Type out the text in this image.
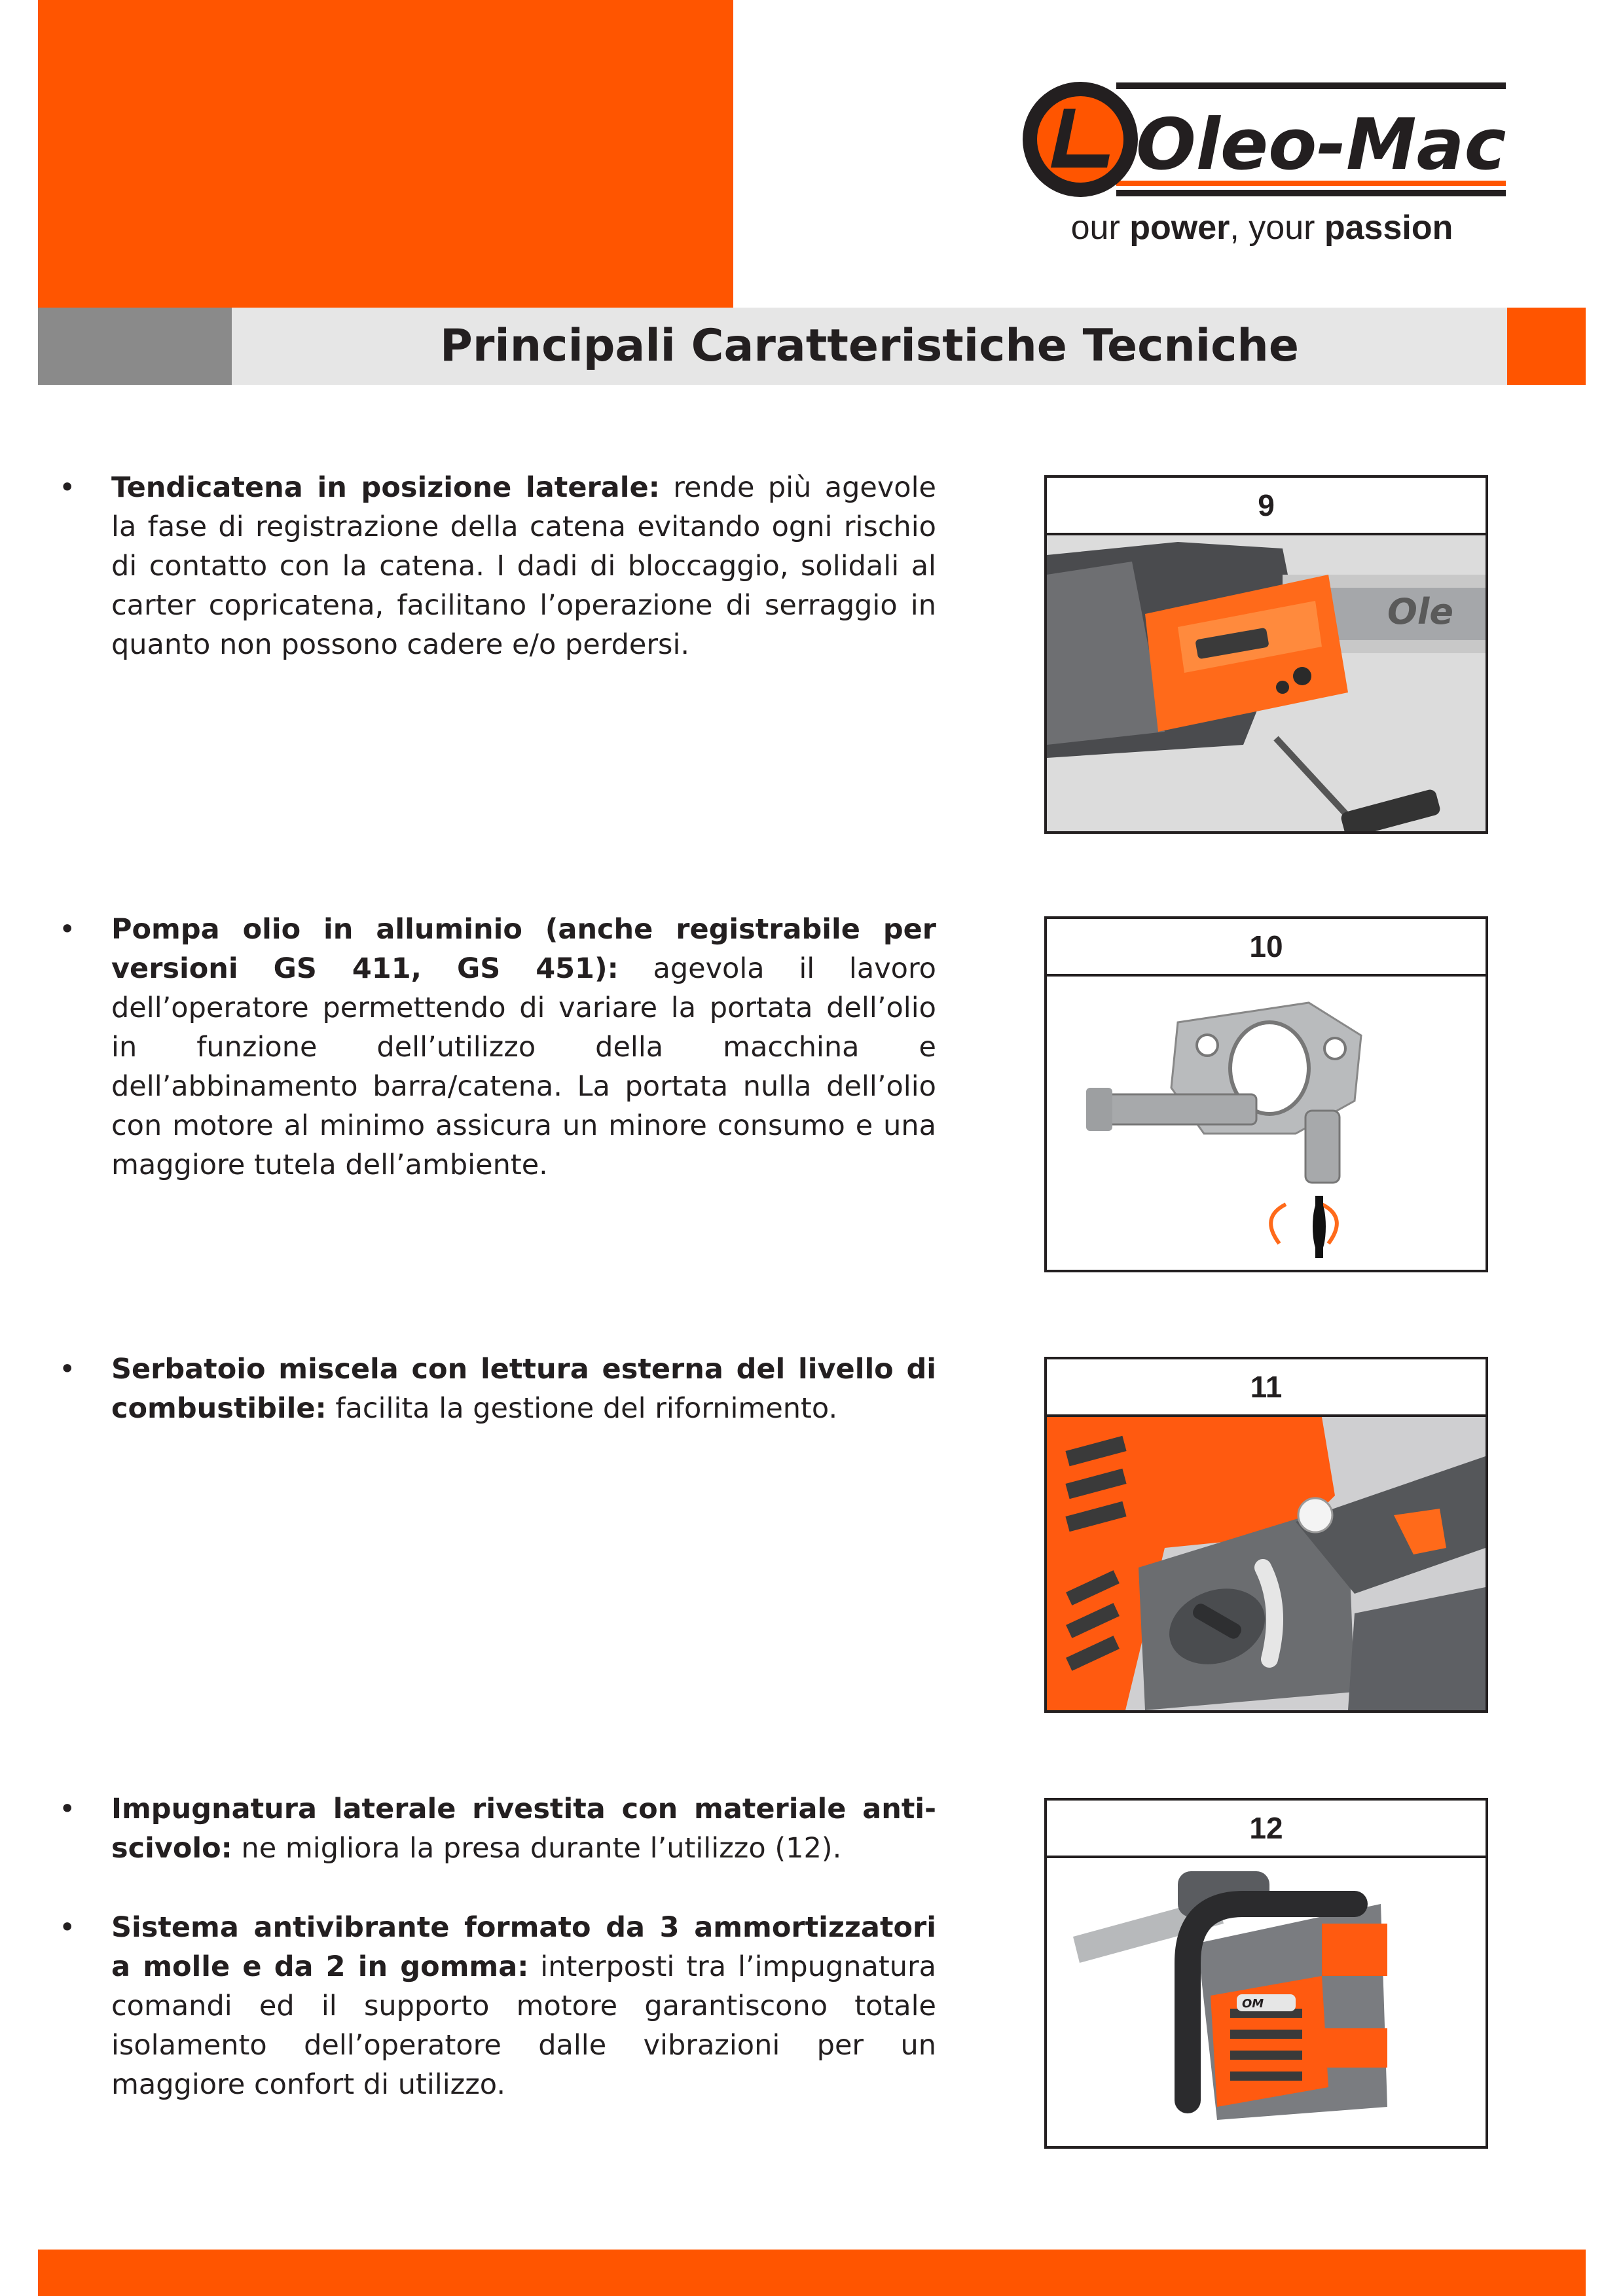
Oleo-Mac
our power, your passion
Principali Caratteristiche Tecniche
•	Tendicatena in posizione laterale: rende più agevole la fase di registrazione della catena evitando ogni rischio di contatto con la catena. I dadi di bloccaggio, solidali al carter copricatena, facilitano l’operazione di serraggio in quanto non possono cadere e/o perdersi.

•	Pompa olio in alluminio (anche registrabile per versioni GS 411, GS 451): agevola il lavoro dell’operatore permettendo di variare la portata dell’olio in funzione dell’utilizzo della macchina e dell’abbinamento barra/catena. La portata nulla dell’olio con motore al minimo assicura un minore consumo e una maggiore tutela dell’ambiente.

•	Serbatoio miscela con lettura esterna del livello di combustibile: facilita la gestione del rifornimento.

•	Impugnatura laterale rivestita con materiale anti-scivolo: ne migliora la presa durante l’utilizzo (12).

•	Sistema antivibrante formato da 3 ammortizzatori a molle e da 2 in gomma: interposti tra l’impugnatura comandi ed il supporto motore garantiscono totale isolamento dell’operatore dalle vibrazioni per un maggiore confort di utilizzo.

9
Ole
10
11
12
OM
